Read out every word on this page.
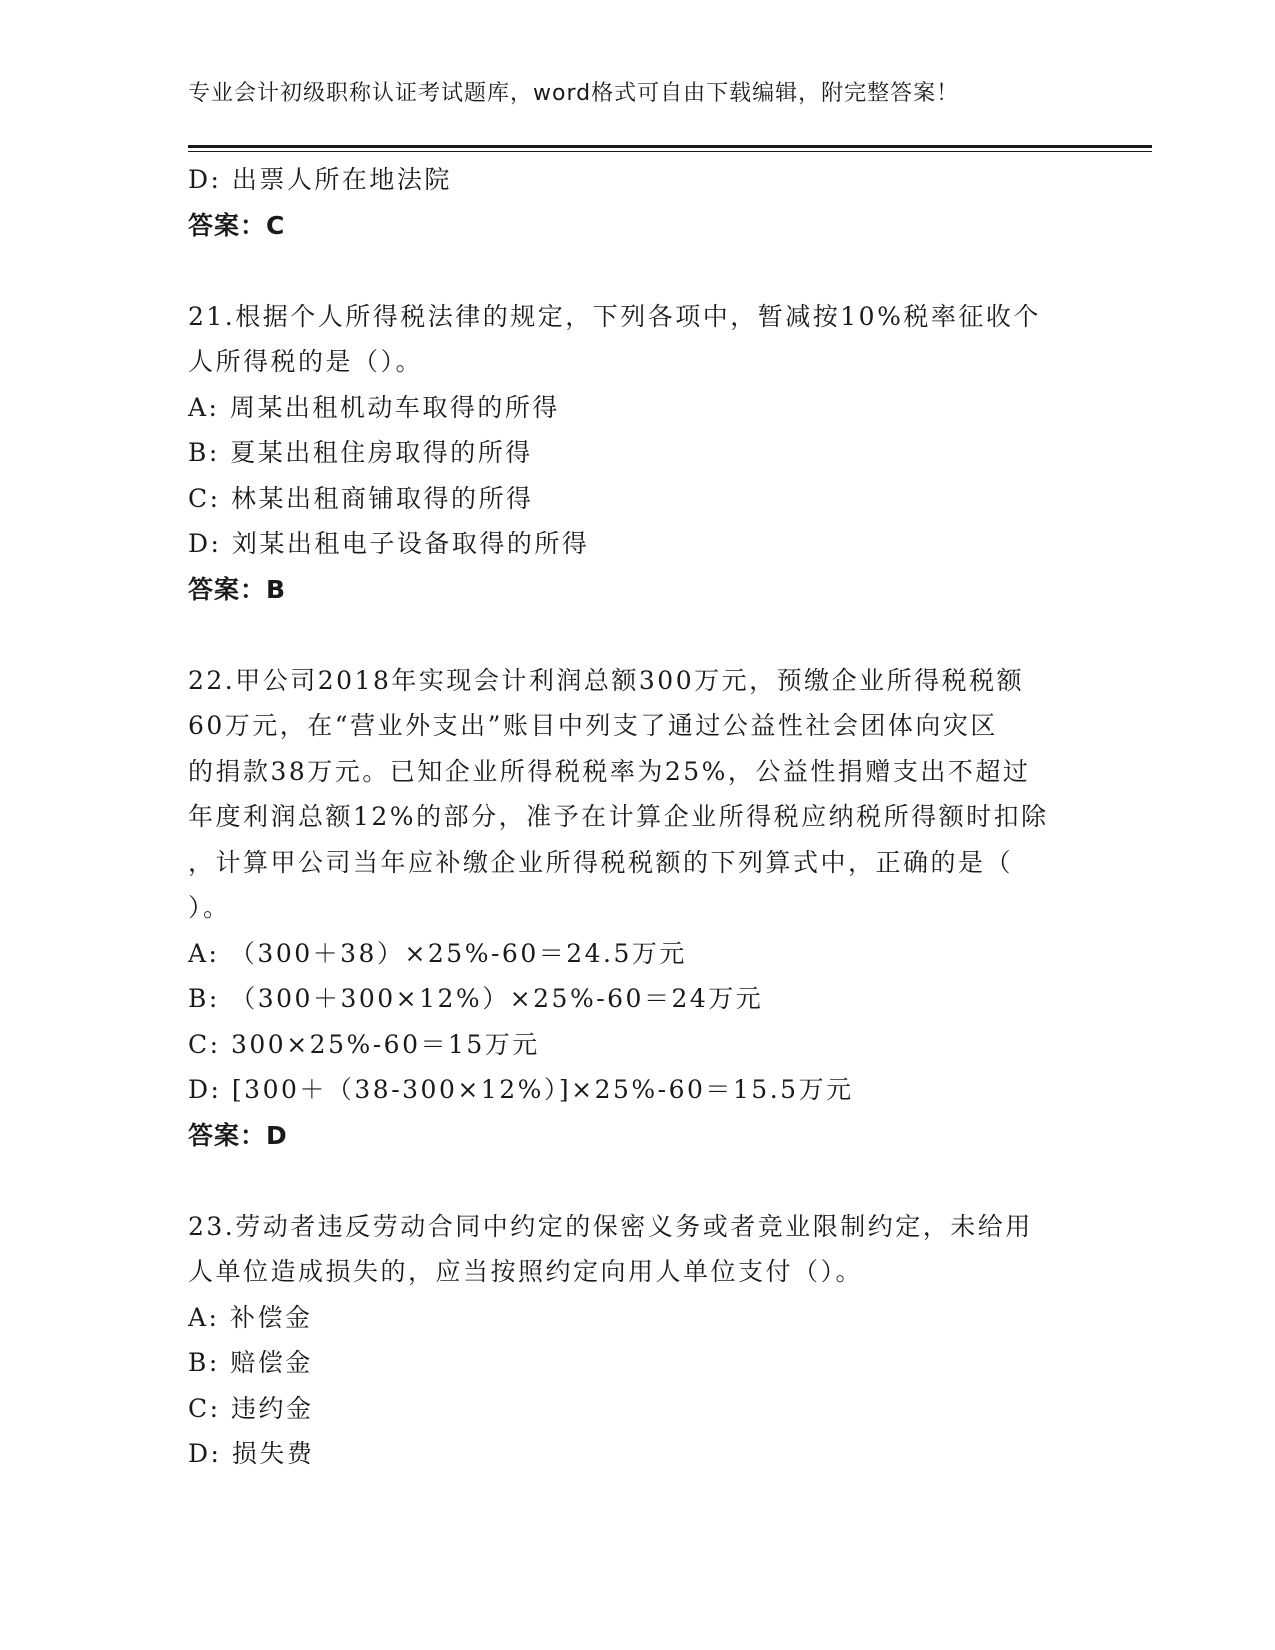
专业会计初级职称认证考试题库，word格式可自由下载编辑，附完整答案！
D: 出票人所在地法院
答案：C
21.根据个人所得税法律的规定，下列各项中，暂减按10%税率征收个
人所得税的是（）。
A: 周某出租机动车取得的所得
B: 夏某出租住房取得的所得
C: 林某出租商铺取得的所得
D: 刘某出租电子设备取得的所得
答案：B
22.甲公司2018年实现会计利润总额300万元，预缴企业所得税税额
60万元，在“营业外支出”账目中列支了通过公益性社会团体向灾区
的捐款38万元。已知企业所得税税率为25%，公益性捐赠支出不超过
年度利润总额12%的部分，准予在计算企业所得税应纳税所得额时扣除
，计算甲公司当年应补缴企业所得税税额的下列算式中，正确的是（
）。
A: （300＋38）×25%-60＝24.5万元
B: （300＋300×12%）×25%-60＝24万元
C: 300×25%-60＝15万元
D: [300＋（38-300×12%）]×25%-60＝15.5万元
答案：D
23.劳动者违反劳动合同中约定的保密义务或者竞业限制约定，未给用
人单位造成损失的，应当按照约定向用人单位支付（）。
A: 补偿金
B: 赔偿金
C: 违约金
D: 损失费
